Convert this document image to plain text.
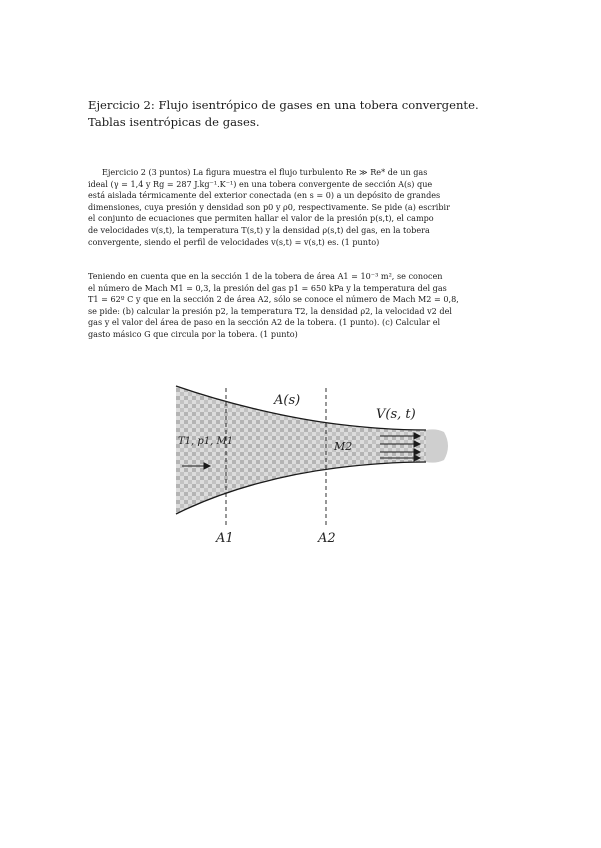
Ejercicio 2: Flujo isentrópico de gases en una tobera convergente.
Tablas isentrópicas de gases.
Ejercicio 2 (3 puntos) La figura muestra el flujo turbulento Re ≫ Re* de un gas
ideal (γ = 1,4 y Rg = 287 J.kg⁻¹.K⁻¹) en una tobera convergente de sección A(s) que
está aislada térmicamente del exterior conectada (en s = 0) a un depósito de grandes
dimensiones, cuya presión y densidad son p0 y ρ0, respectivamente. Se pide (a) escribir
el conjunto de ecuaciones que permiten hallar el valor de la presión p(s,t), el campo
de velocidades v(s,t), la temperatura T(s,t) y la densidad ρ(s,t) del gas, en la tobera
convergente, siendo el perfil de velocidades v(s,t) = v(s,t) es. (1 punto)
Teniendo en cuenta que en la sección 1 de la tobera de área A1 = 10⁻³ m², se conocen
el número de Mach M1 = 0,3, la presión del gas p1 = 650 kPa y la temperatura del gas
T1 = 62º C y que en la sección 2 de área A2, sólo se conoce el número de Mach M2 = 0,8,
se pide: (b) calcular la presión p2, la temperatura T2, la densidad ρ2, la velocidad v2 del
gas y el valor del área de paso en la sección A2 de la tobera. (1 punto). (c) Calcular el
gasto másico G que circula por la tobera. (1 punto)
A(s)
V(s, t)
T1, p1, M1	M2
A1	A2
